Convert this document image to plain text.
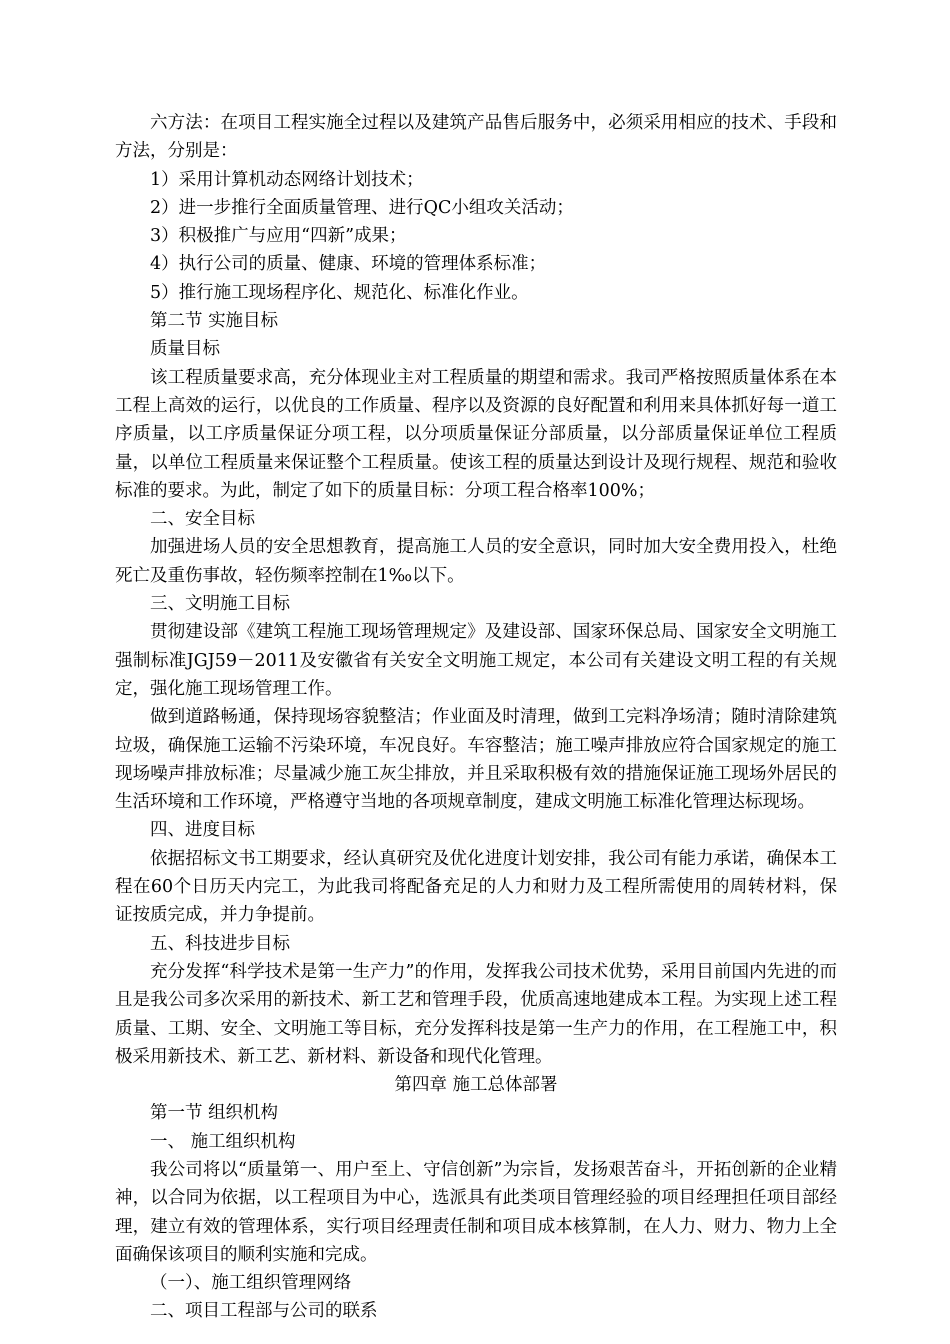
六方法：在项目工程实施全过程以及建筑产品售后服务中，必须采用相应的技术、手段和方法，分别是：

1）采用计算机动态网络计划技术；

2）进一步推行全面质量管理、进行QC小组攻关活动；

3）积极推广与应用“四新”成果；

4）执行公司的质量、健康、环境的管理体系标准；

5）推行施工现场程序化、规范化、标准化作业。

第二节 实施目标

质量目标

该工程质量要求高，充分体现业主对工程质量的期望和需求。我司严格按照质量体系在本工程上高效的运行，以优良的工作质量、程序以及资源的良好配置和利用来具体抓好每一道工序质量，以工序质量保证分项工程，以分项质量保证分部质量，以分部质量保证单位工程质量，以单位工程质量来保证整个工程质量。使该工程的质量达到设计及现行规程、规范和验收标准的要求。为此，制定了如下的质量目标：分项工程合格率100%；

二、安全目标

加强进场人员的安全思想教育，提高施工人员的安全意识，同时加大安全费用投入，杜绝死亡及重伤事故，轻伤频率控制在1‰以下。

三、文明施工目标

贯彻建设部《建筑工程施工现场管理规定》及建设部、国家环保总局、国家安全文明施工强制标准JGJ59－2011及安徽省有关安全文明施工规定，本公司有关建设文明工程的有关规定，强化施工现场管理工作。

做到道路畅通，保持现场容貌整洁；作业面及时清理，做到工完料净场清；随时清除建筑垃圾，确保施工运输不污染环境，车况良好。车容整洁；施工噪声排放应符合国家规定的施工现场噪声排放标准；尽量减少施工灰尘排放，并且采取积极有效的措施保证施工现场外居民的生活环境和工作环境，严格遵守当地的各项规章制度，建成文明施工标准化管理达标现场。

四、进度目标

依据招标文书工期要求，经认真研究及优化进度计划安排，我公司有能力承诺，确保本工程在60个日历天内完工，为此我司将配备充足的人力和财力及工程所需使用的周转材料，保证按质完成，并力争提前。

五、科技进步目标

充分发挥“科学技术是第一生产力”的作用，发挥我公司技术优势，采用目前国内先进的而且是我公司多次采用的新技术、新工艺和管理手段，优质高速地建成本工程。为实现上述工程质量、工期、安全、文明施工等目标，充分发挥科技是第一生产力的作用，在工程施工中，积极采用新技术、新工艺、新材料、新设备和现代化管理。

第四章 施工总体部署

第一节 组织机构

一、 施工组织机构

我公司将以“质量第一、用户至上、守信创新”为宗旨，发扬艰苦奋斗，开拓创新的企业精神，以合同为依据，以工程项目为中心，选派具有此类项目管理经验的项目经理担任项目部经理，建立有效的管理体系，实行项目经理责任制和项目成本核算制，在人力、财力、物力上全面确保该项目的顺利实施和完成。

（一）、施工组织管理网络

二、项目工程部与公司的联系
